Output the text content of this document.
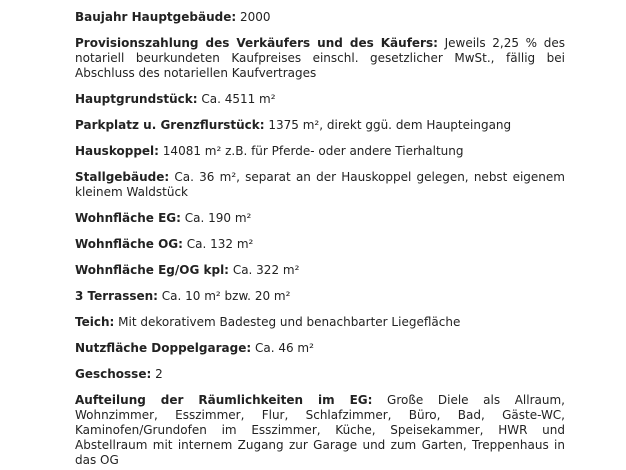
Baujahr Hauptgebäude: 2000

Provisionszahlung des Verkäufers und des Käufers: Jeweils 2,25 % des notariell beurkundeten Kaufpreises einschl. gesetzlicher MwSt., fällig bei Abschluss des notariellen Kaufvertrages

Hauptgrundstück: Ca. 4511 m²

Parkplatz u. Grenzflurstück: 1375 m², direkt ggü. dem Haupteingang

Hauskoppel: 14081 m² z.B. für Pferde- oder andere Tierhaltung

Stallgebäude: Ca. 36 m², separat an der Hauskoppel gelegen, nebst eigenem kleinem Waldstück

Wohnfläche EG: Ca. 190 m²

Wohnfläche OG: Ca. 132 m²

Wohnfläche Eg/OG kpl: Ca. 322 m²

3 Terrassen: Ca. 10 m² bzw. 20 m²

Teich: Mit dekorativem Badesteg und benachbarter Liegefläche

Nutzfläche Doppelgarage: Ca. 46 m²

Geschosse: 2

Aufteilung der Räumlichkeiten im EG: Große Diele als Allraum, Wohnzimmer, Esszimmer, Flur, Schlafzimmer, Büro, Bad, Gäste-WC, Kaminofen/Grundofen im Esszimmer, Küche, Speisekammer, HWR und Abstellraum mit internem Zugang zur Garage und zum Garten, Treppenhaus in das OG
